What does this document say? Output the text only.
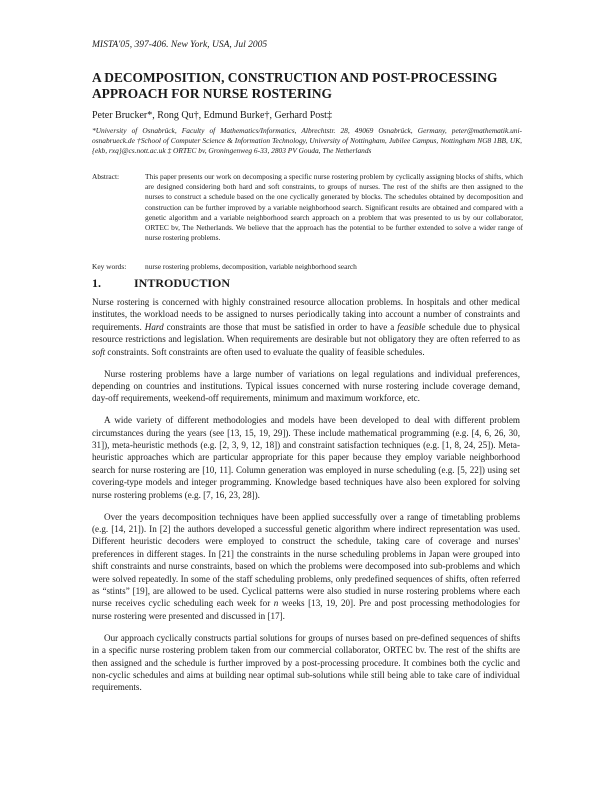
MISTA'05, 397-406. New York, USA, Jul 2005
A DECOMPOSITION, CONSTRUCTION AND POST-PROCESSING APPROACH FOR NURSE ROSTERING
Peter Brucker*, Rong Qu†, Edmund Burke†, Gerhard Post‡
*University of Osnabrück, Faculty of Mathematics/Informatics, Albrechtstr. 28, 49069 Osnabrück, Germany, peter@mathematik.uni-osnabrueck.de †School of Computer Science & Information Technology, University of Nottingham, Jubilee Campus, Nottingham NG8 1BB, UK, {ekb, rxq}@cs.nott.ac.uk ‡ ORTEC bv, Groningenweg 6-33, 2803 PV Gouda, The Netherlands
Abstract:	This paper presents our work on decomposing a specific nurse rostering problem by cyclically assigning blocks of shifts, which are designed considering both hard and soft constraints, to groups of nurses. The rest of the shifts are then assigned to the nurses to construct a schedule based on the one cyclically generated by blocks. The schedules obtained by decomposition and construction can be further improved by a variable neighborhood search. Significant results are obtained and compared with a genetic algorithm and a variable neighborhood search approach on a problem that was presented to us by our collaborator, ORTEC bv, The Netherlands. We believe that the approach has the potential to be further extended to solve a wider range of nurse rostering problems.
Key words:	nurse rostering problems, decomposition, variable neighborhood search
1.	INTRODUCTION

Nurse rostering is concerned with highly constrained resource allocation problems. In hospitals and other medical institutes, the workload needs to be assigned to nurses periodically taking into account a number of constraints and requirements. Hard constraints are those that must be satisfied in order to have a feasible schedule due to physical resource restrictions and legislation. When requirements are desirable but not obligatory they are often referred to as soft constraints. Soft constraints are often used to evaluate the quality of feasible schedules.

Nurse rostering problems have a large number of variations on legal regulations and individual preferences, depending on countries and institutions. Typical issues concerned with nurse rostering include coverage demand, day-off requirements, weekend-off requirements, minimum and maximum workforce, etc.

A wide variety of different methodologies and models have been developed to deal with different problem circumstances during the years (see [13, 15, 19, 29]). These include mathematical programming (e.g. [4, 6, 26, 30, 31]), meta-heuristic methods (e.g. [2, 3, 9, 12, 18]) and constraint satisfaction techniques (e.g. [1, 8, 24, 25]). Meta-heuristic approaches which are particular appropriate for this paper because they employ variable neighborhood search for nurse rostering are [10, 11]. Column generation was employed in nurse scheduling (e.g. [5, 22]) using set covering-type models and integer programming. Knowledge based techniques have also been explored for solving nurse rostering problems (e.g. [7, 16, 23, 28]).

Over the years decomposition techniques have been applied successfully over a range of timetabling problems (e.g. [14, 21]). In [2] the authors developed a successful genetic algorithm where indirect representation was used. Different heuristic decoders were employed to construct the schedule, taking care of coverage and nurses' preferences in different stages. In [21] the constraints in the nurse scheduling problems in Japan were grouped into shift constraints and nurse constraints, based on which the problems were decomposed into sub-problems and which were solved repeatedly. In some of the staff scheduling problems, only predefined sequences of shifts, often referred as “stints” [19], are allowed to be used. Cyclical patterns were also studied in nurse rostering problems where each nurse receives cyclic scheduling each week for n weeks [13, 19, 20]. Pre and post processing methodologies for nurse rostering were presented and discussed in [17].

Our approach cyclically constructs partial solutions for groups of nurses based on pre-defined sequences of shifts in a specific nurse rostering problem taken from our commercial collaborator, ORTEC bv. The rest of the shifts are then assigned and the schedule is further improved by a post-processing procedure. It combines both the cyclic and non-cyclic schedules and aims at building near optimal sub-solutions while still being able to take care of individual requirements.
